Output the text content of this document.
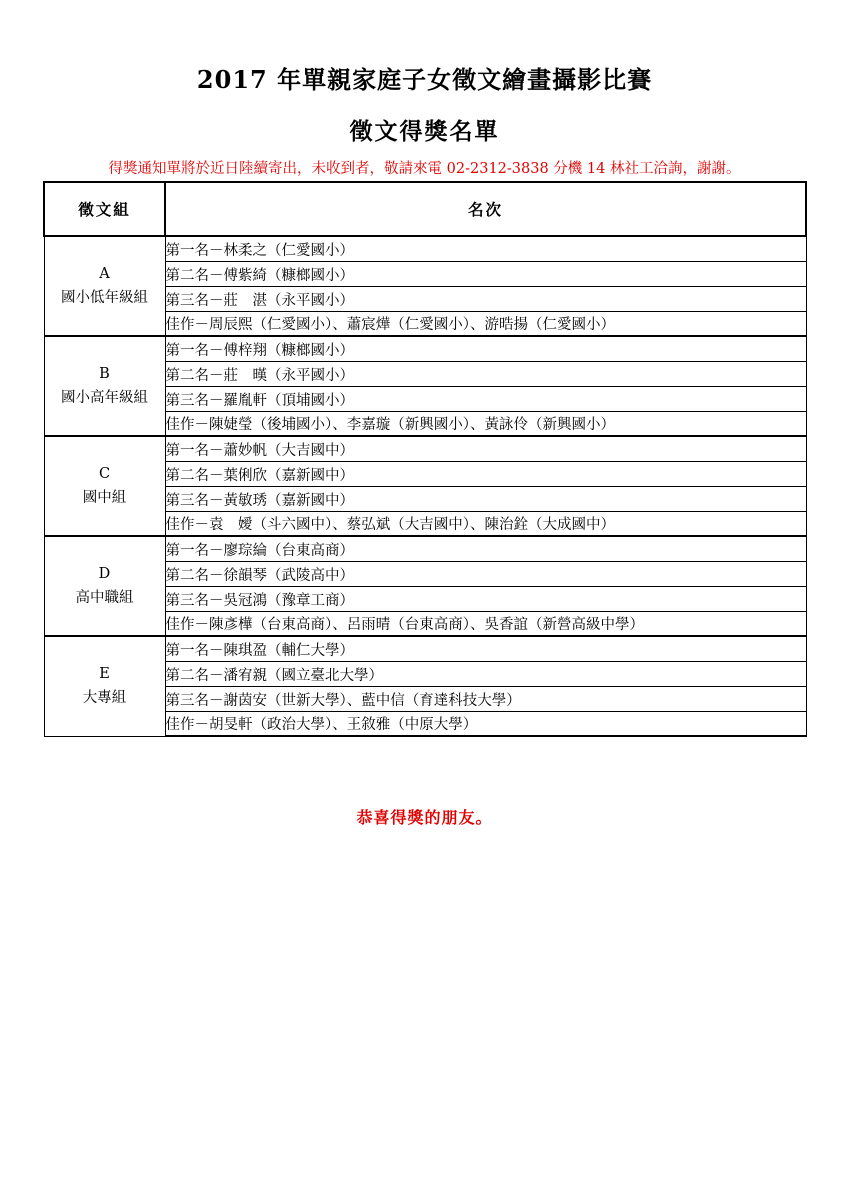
2017 年單親家庭子女徵文繪畫攝影比賽
徵文得獎名單
得獎通知單將於近日陸續寄出，未收到者，敬請來電 02-2312-3838 分機 14 林社工洽詢，謝謝。
徵文組	名次

A
國小低年級組	第一名－林柔之（仁愛國小）
	第二名－傅紫綺（糠榔國小）
	第三名－莊　湛（永平國小）
	佳作－周辰熙（仁愛國小）、蕭宸燁（仁愛國小）、游晧揚（仁愛國小）

B
國小高年級組	第一名－傅梓翔（糠榔國小）
	第二名－莊　暵（永平國小）
	第三名－羅胤軒（頂埔國小）
	佳作－陳婕瑩（後埔國小）、李嘉璇（新興國小）、黃詠伶（新興國小）

C
國中組	第一名－蕭妙帆（大吉國中）
	第二名－葉俐欣（嘉新國中）
	第三名－黃敏琇（嘉新國中）
	佳作－袁　嬡（斗六國中）、蔡弘斌（大吉國中）、陳治銓（大成國中）

D
高中職組	第一名－廖琮綸（台東高商）
	第二名－徐韻琴（武陵高中）
	第三名－吳冠鴻（豫章工商）
	佳作－陳彥樺（台東高商）、呂雨晴（台東高商）、吳香誼（新營高級中學）

E
大專組	第一名－陳琪盈（輔仁大學）
	第二名－潘宥親（國立臺北大學）
	第三名－謝茵安（世新大學）、藍中信（育達科技大學）
	佳作－胡旻軒（政治大學）、王敘雅（中原大學）
恭喜得獎的朋友。
